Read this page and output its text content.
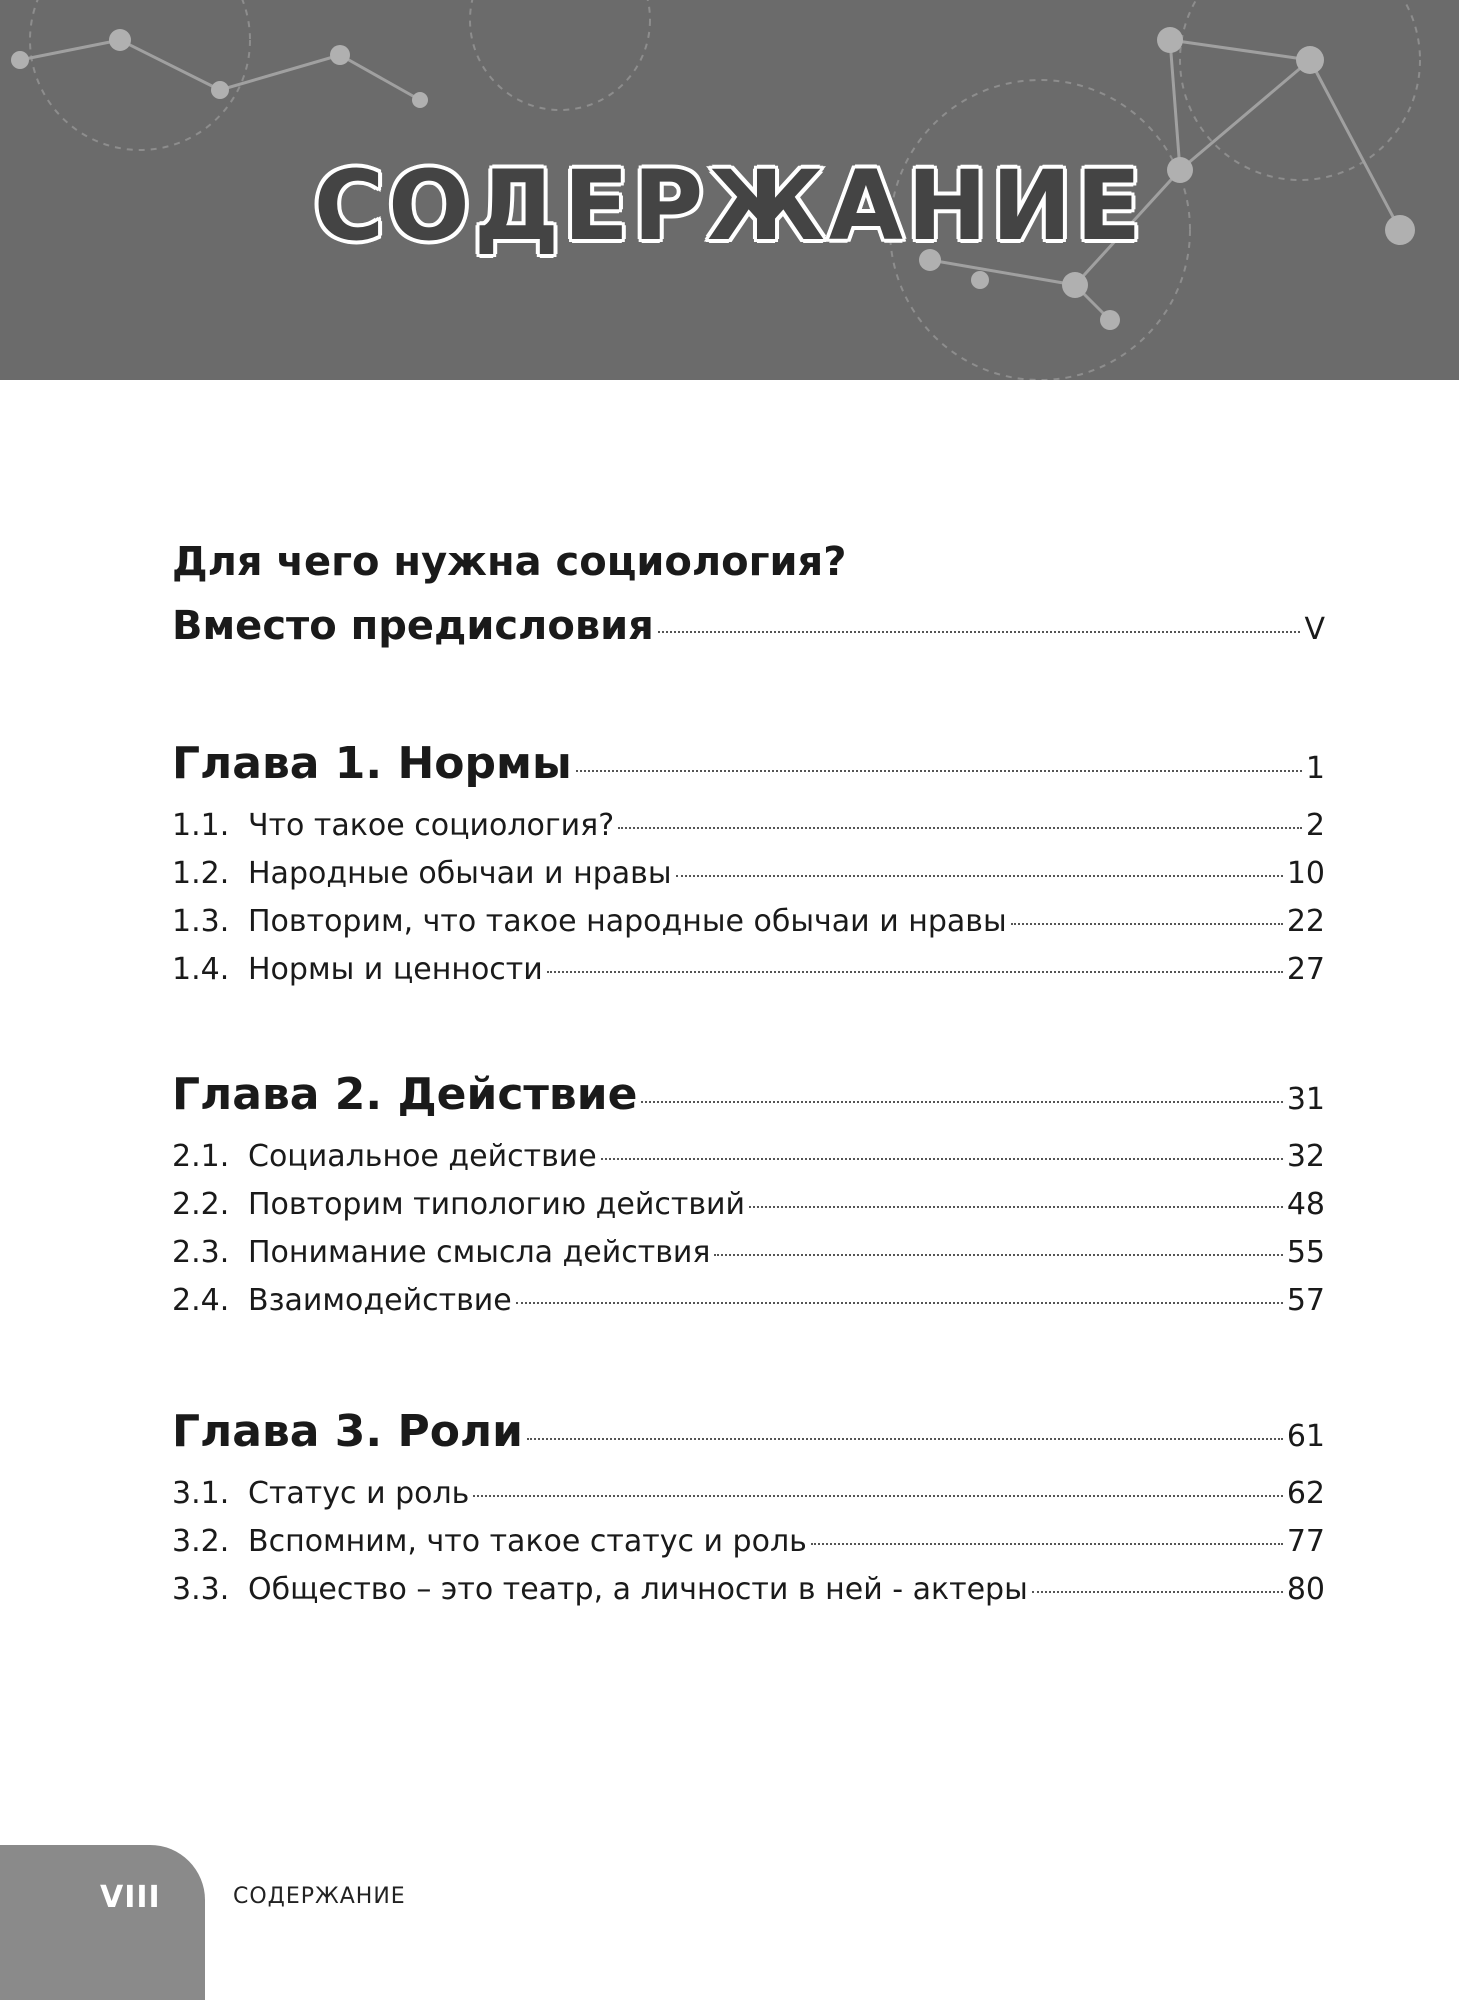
СОДЕРЖАНИЕ
Для чего нужна социология?
Вместо предисловия	V
Глава 1. Нормы	1
1.1. Что такое социология?	2
1.2. Народные обычаи и нравы	10
1.3. Повторим, что такое народные обычаи и нравы	22
1.4. Нормы и ценности	27
Глава 2. Действие	31
2.1. Социальное действие	32
2.2. Повторим типологию действий	48
2.3. Понимание смысла действия	55
2.4. Взаимодействие	57
Глава 3. Роли	61
3.1. Статус и роль	62
3.2. Вспомним, что такое статус и роль	77
3.3. Общество – это театр, а личности в ней - актеры	80
VIII	СОДЕРЖАНИЕ
